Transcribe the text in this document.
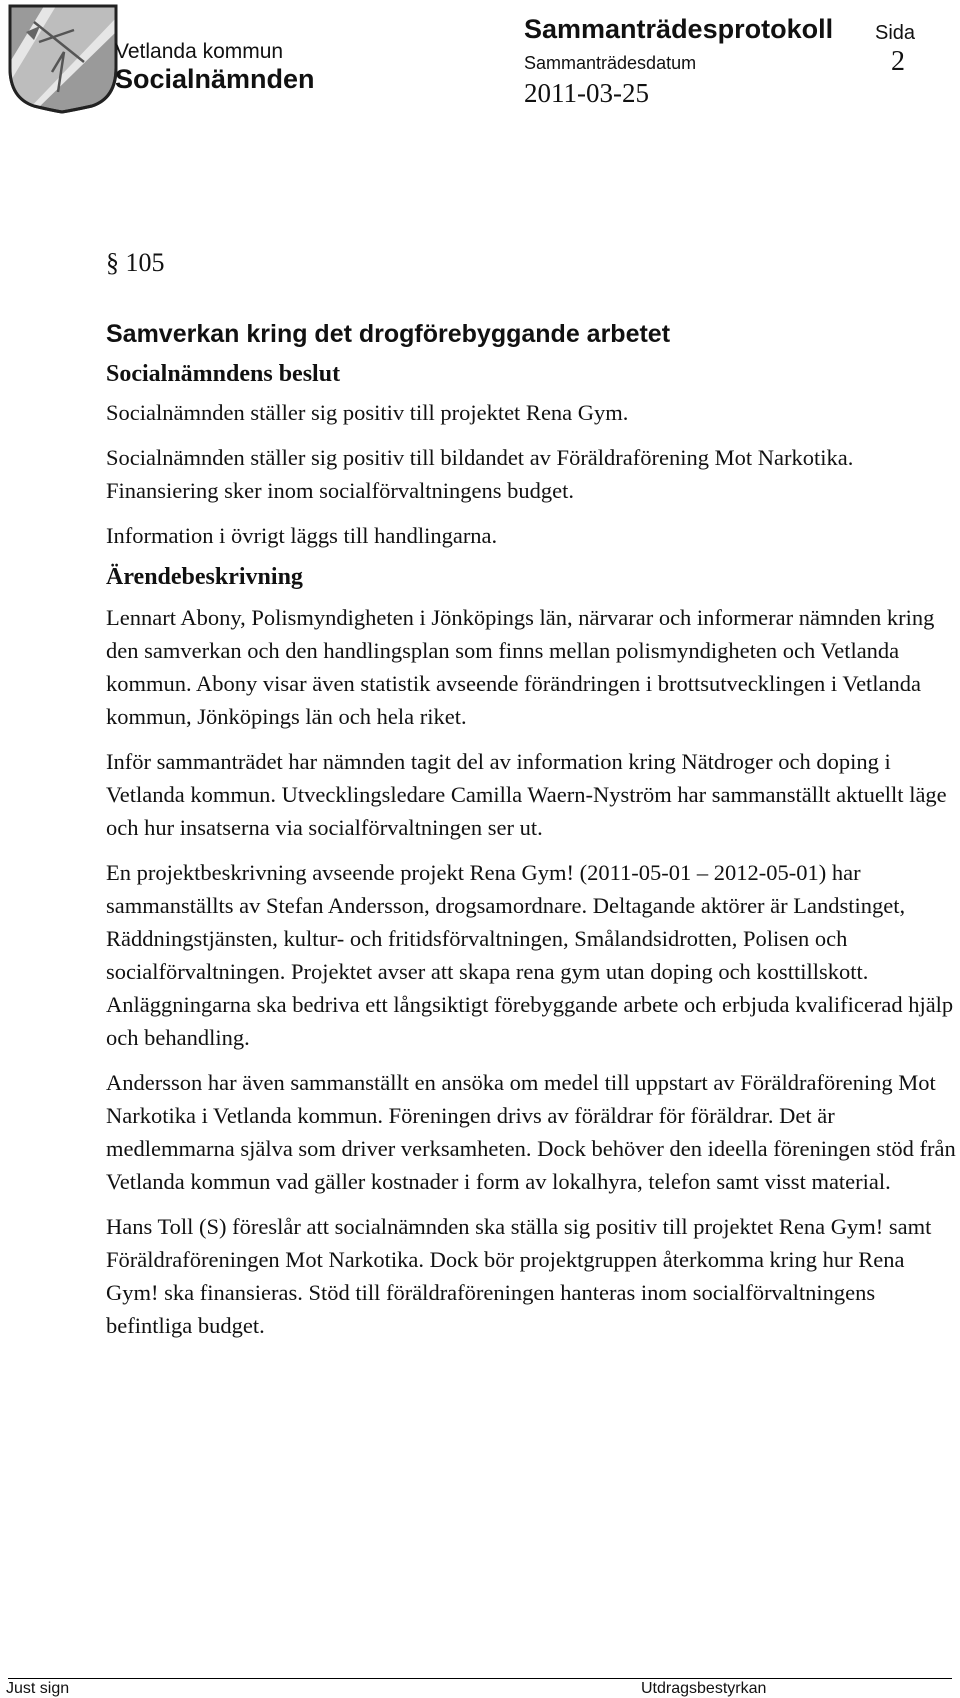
Vetlanda kommun
Socialnämnden
Sammanträdesprotokoll Sida
Sammanträdesdatum	2
2011-03-25

§ 105

Samverkan kring det drogförebyggande arbetet
Socialnämndens beslut

Socialnämnden ställer sig positiv till projektet Rena Gym.

Socialnämnden ställer sig positiv till bildandet av Föräldraförening Mot Narkotika. Finansiering sker inom socialförvaltningens budget.

Information i övrigt läggs till handlingarna.

Ärendebeskrivning

Lennart Abony, Polismyndigheten i Jönköpings län, närvarar och informerar nämnden kring den samverkan och den handlingsplan som finns mellan polismyndigheten och Vetlanda kommun. Abony visar även statistik avseende förändringen i brottsutvecklingen i Vetlanda kommun, Jönköpings län och hela riket.

Inför sammanträdet har nämnden tagit del av information kring Nätdroger och doping i Vetlanda kommun. Utvecklingsledare Camilla Waern-Nyström har sammanställt aktuellt läge och hur insatserna via socialförvaltningen ser ut.

En projektbeskrivning avseende projekt Rena Gym! (2011-05-01 – 2012-05-01) har sammanställts av Stefan Andersson, drogsamordnare. Deltagande aktörer är Landstinget, Räddningstjänsten, kultur- och fritidsförvaltningen, Smålandsidrotten, Polisen och socialförvaltningen. Projektet avser att skapa rena gym utan doping och kosttillskott. Anläggningarna ska bedriva ett långsiktigt förebyggande arbete och erbjuda kvalificerad hjälp och behandling.

Andersson har även sammanställt en ansöka om medel till uppstart av Föräldraförening Mot Narkotika i Vetlanda kommun. Föreningen drivs av föräldrar för föräldrar. Det är medlemmarna själva som driver verksamheten. Dock behöver den ideella föreningen stöd från Vetlanda kommun vad gäller kostnader i form av lokalhyra, telefon samt visst material.

Hans Toll (S) föreslår att socialnämnden ska ställa sig positiv till projektet Rena Gym! samt Föräldraföreningen Mot Narkotika. Dock bör projektgruppen återkomma kring hur Rena Gym! ska finansieras. Stöd till föräldraföreningen hanteras inom socialförvaltningens befintliga budget.

Just sign	Utdragsbestyrkan
